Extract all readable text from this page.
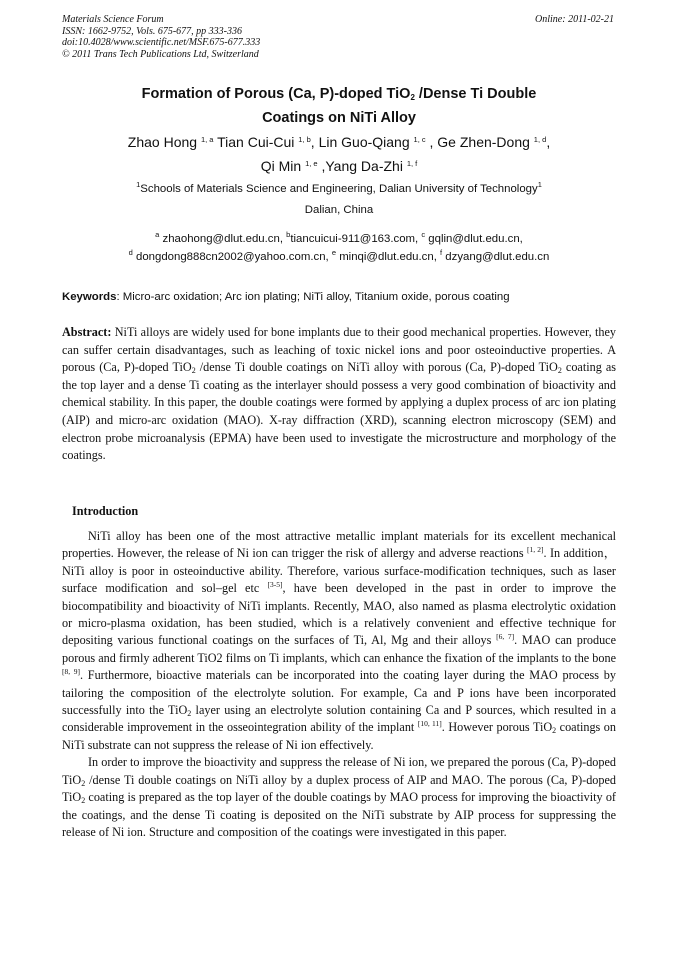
Materials Science Forum
ISSN: 1662-9752, Vols. 675-677, pp 333-336
doi:10.4028/www.scientific.net/MSF.675-677.333
© 2011 Trans Tech Publications Ltd, Switzerland
Online: 2011-02-21
Formation of Porous (Ca, P)-doped TiO$_2$ /Dense Ti Double
Coatings on NiTi Alloy
Zhao Hong $^{1, a}$ Tian Cui-Cui $^{1, b}$, Lin Guo-Qiang $^{1, c}$ , Ge Zhen-Dong $^{1, d}$,
Qi Min $^{1, e}$ ,Yang Da-Zhi $^{1, f}$
$^1$Schools of Materials Science and Engineering, Dalian University of Technology$^1$
Dalian, China
$^a$ zhaohong@dlut.edu.cn, $^b$tiancuicui-911@163.com, $^c$ gqlin@dlut.edu.cn,
$^d$ dongdong888cn2002@yahoo.com.cn, $^e$ minqi@dlut.edu.cn, $^f$ dzyang@dlut.edu.cn
Keywords: Micro-arc oxidation; Arc ion plating; NiTi alloy, Titanium oxide, porous coating
Abstract: NiTi alloys are widely used for bone implants due to their good mechanical properties. However, they can suffer certain disadvantages, such as leaching of toxic nickel ions and poor osteoinductive properties. A porous (Ca, P)-doped TiO$_2$ /dense Ti double coatings on NiTi alloy with porous (Ca, P)-doped TiO$_2$ coating as the top layer and a dense Ti coating as the interlayer should possess a very good combination of bioactivity and chemical stability. In this paper, the double coatings were formed by applying a duplex process of arc ion plating (AIP) and micro-arc oxidation (MAO). X-ray diffraction (XRD), scanning electron microscopy (SEM) and electron probe microanalysis (EPMA) have been used to investigate the microstructure and morphology of the coatings.
Introduction

NiTi alloy has been one of the most attractive metallic implant materials for its excellent mechanical properties. However, the release of Ni ion can trigger the risk of allergy and adverse reactions [1, 2]. In addition，NiTi alloy is poor in osteoinductive ability. Therefore, various surface-modification techniques, such as laser surface modification and sol–gel etc [3-5], have been developed in the past in order to improve the biocompatibility and bioactivity of NiTi implants. Recently, MAO, also named as plasma electrolytic oxidation or micro-plasma oxidation, has been studied, which is a relatively convenient and effective technique for depositing various functional coatings on the surfaces of Ti, Al, Mg and their alloys [6, 7]. MAO can produce porous and firmly adherent TiO2 films on Ti implants, which can enhance the fixation of the implants to the bone [8, 9]. Furthermore, bioactive materials can be incorporated into the coating layer during the MAO process by tailoring the composition of the electrolyte solution. For example, Ca and P ions have been incorporated successfully into the TiO$_2$ layer using an electrolyte solution containing Ca and P sources, which resulted in a considerable improvement in the osseointegration ability of the implant [10, 11]. However porous TiO$_2$ coatings on NiTi substrate can not suppress the release of Ni ion effectively.

In order to improve the bioactivity and suppress the release of Ni ion, we prepared the porous (Ca, P)-doped TiO$_2$ /dense Ti double coatings on NiTi alloy by a duplex process of AIP and MAO. The porous (Ca, P)-doped TiO$_2$ coating is prepared as the top layer of the double coatings by MAO process for improving the bioactivity of the coatings, and the dense Ti coating is deposited on the NiTi substrate by AIP process for suppressing the release of Ni ion. Structure and composition of the coatings were investigated in this paper.
